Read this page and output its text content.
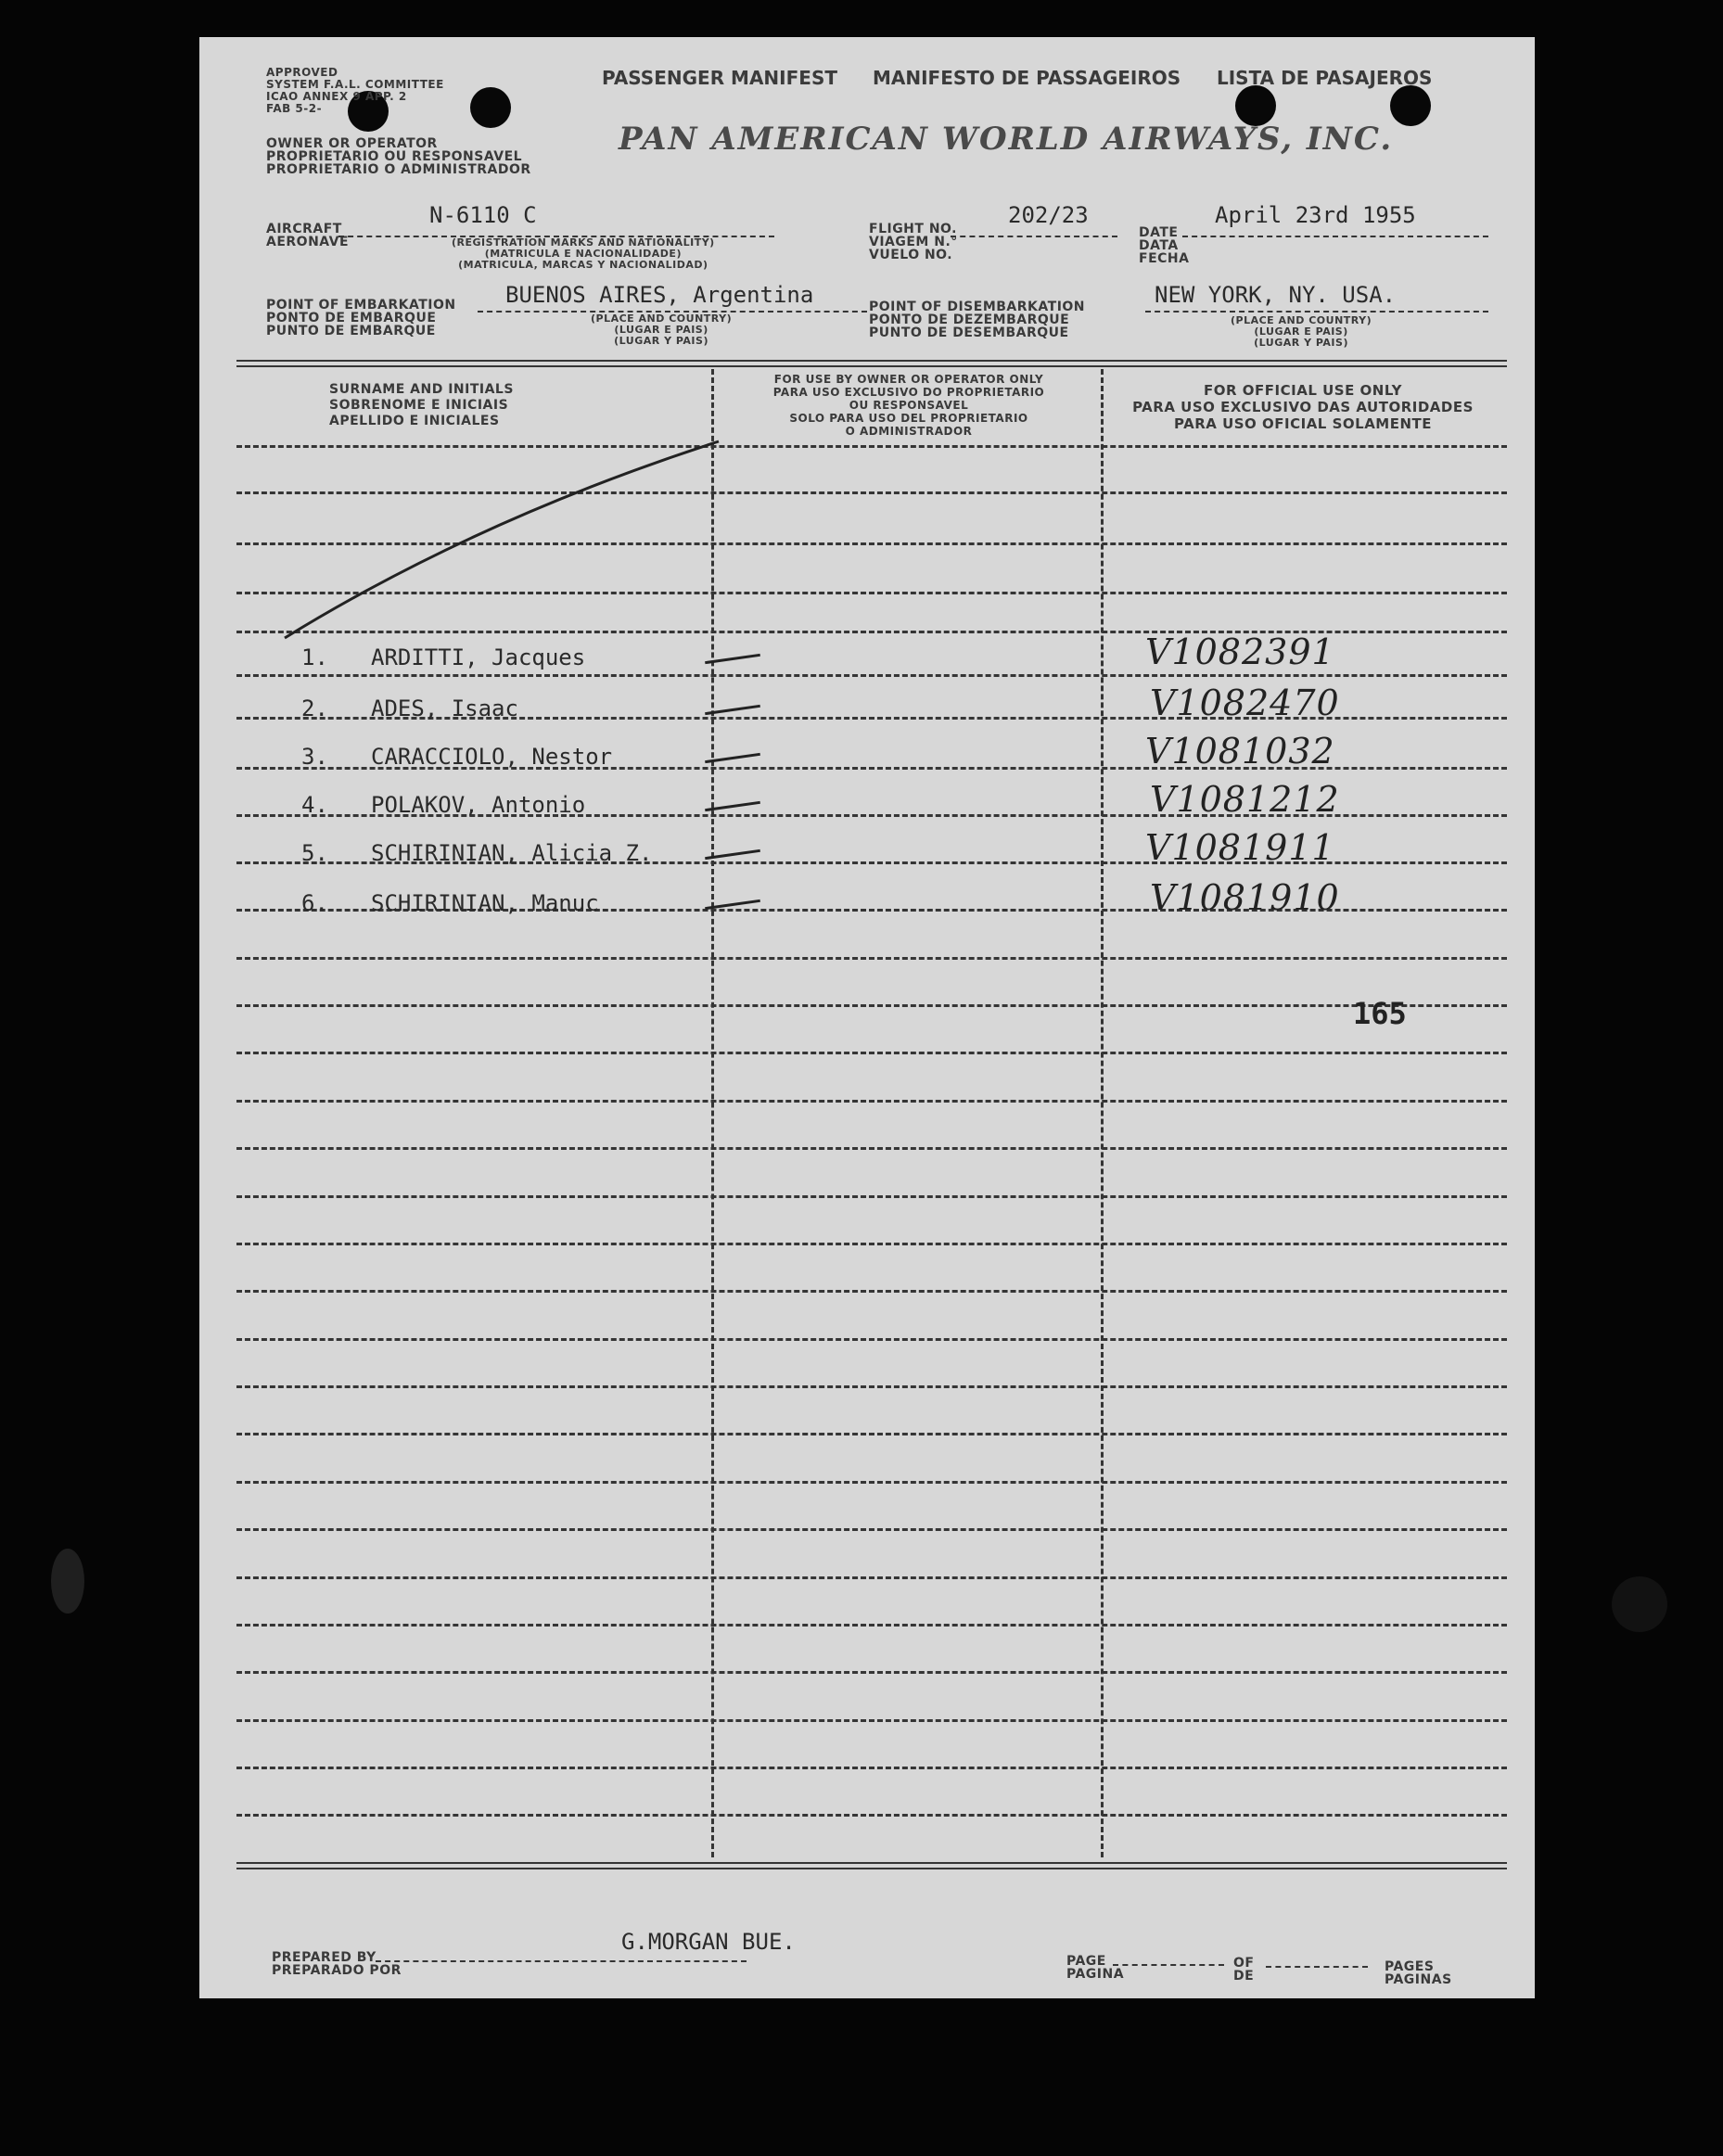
APPROVED
SYSTEM F.A.L. COMMITTEE
ICAO ANNEX 9 APP. 2
FAB 5-2-
OWNER OR OPERATOR
PROPRIETARIO OU RESPONSAVEL
PROPRIETARIO O ADMINISTRADOR
PASSENGER MANIFEST MANIFESTO DE PASSAGEIROS LISTA DE PASAJEROS
PAN AMERICAN WORLD AIRWAYS, INC.
AIRCRAFT
AERONAVE
N-6110 C
(REGISTRATION MARKS AND NATIONALITY)
(MATRICULA E NACIONALIDADE)
(MATRICULA, MARCAS Y NACIONALIDAD)
FLIGHT NO.
VIAGEM N.°
VUELO NO.
202/23
DATE
DATA
FECHA
April 23rd 1955
POINT OF EMBARKATION
PONTO DE EMBARQUE
PUNTO DE EMBARQUE
BUENOS AIRES, Argentina
(PLACE AND COUNTRY)
(LUGAR E PAIS)
(LUGAR Y PAIS)
POINT OF DISEMBARKATION
PONTO DE DEZEMBARQUE
PUNTO DE DESEMBARQUE
NEW YORK, NY. USA.
(PLACE AND COUNTRY)
(LUGAR E PAIS)
(LUGAR Y PAIS)
SURNAME AND INITIALS
SOBRENOME E INICIAIS
APELLIDO E INICIALES
FOR USE BY OWNER OR OPERATOR ONLY
PARA USO EXCLUSIVO DO PROPRIETARIO
OU RESPONSAVEL
SOLO PARA USO DEL PROPRIETARIO
O ADMINISTRADOR
FOR OFFICIAL USE ONLY
PARA USO EXCLUSIVO DAS AUTORIDADES
PARA USO OFICIAL SOLAMENTE
1. ARDITTI, Jacques	V1082391
2. ADES, Isaac	V1082470
3. CARACCIOLO, Nestor	V1081032
4. POLAKOV, Antonio	V1081212
5. SCHIRINIAN, Alicia Z.	V1081911
6. SCHIRINIAN, Manuc	V1081910
165
PREPARED BY
PREPARADO POR
G.MORGAN BUE.
PAGE
PAGINA
OF
DE
PAGES
PAGINAS
